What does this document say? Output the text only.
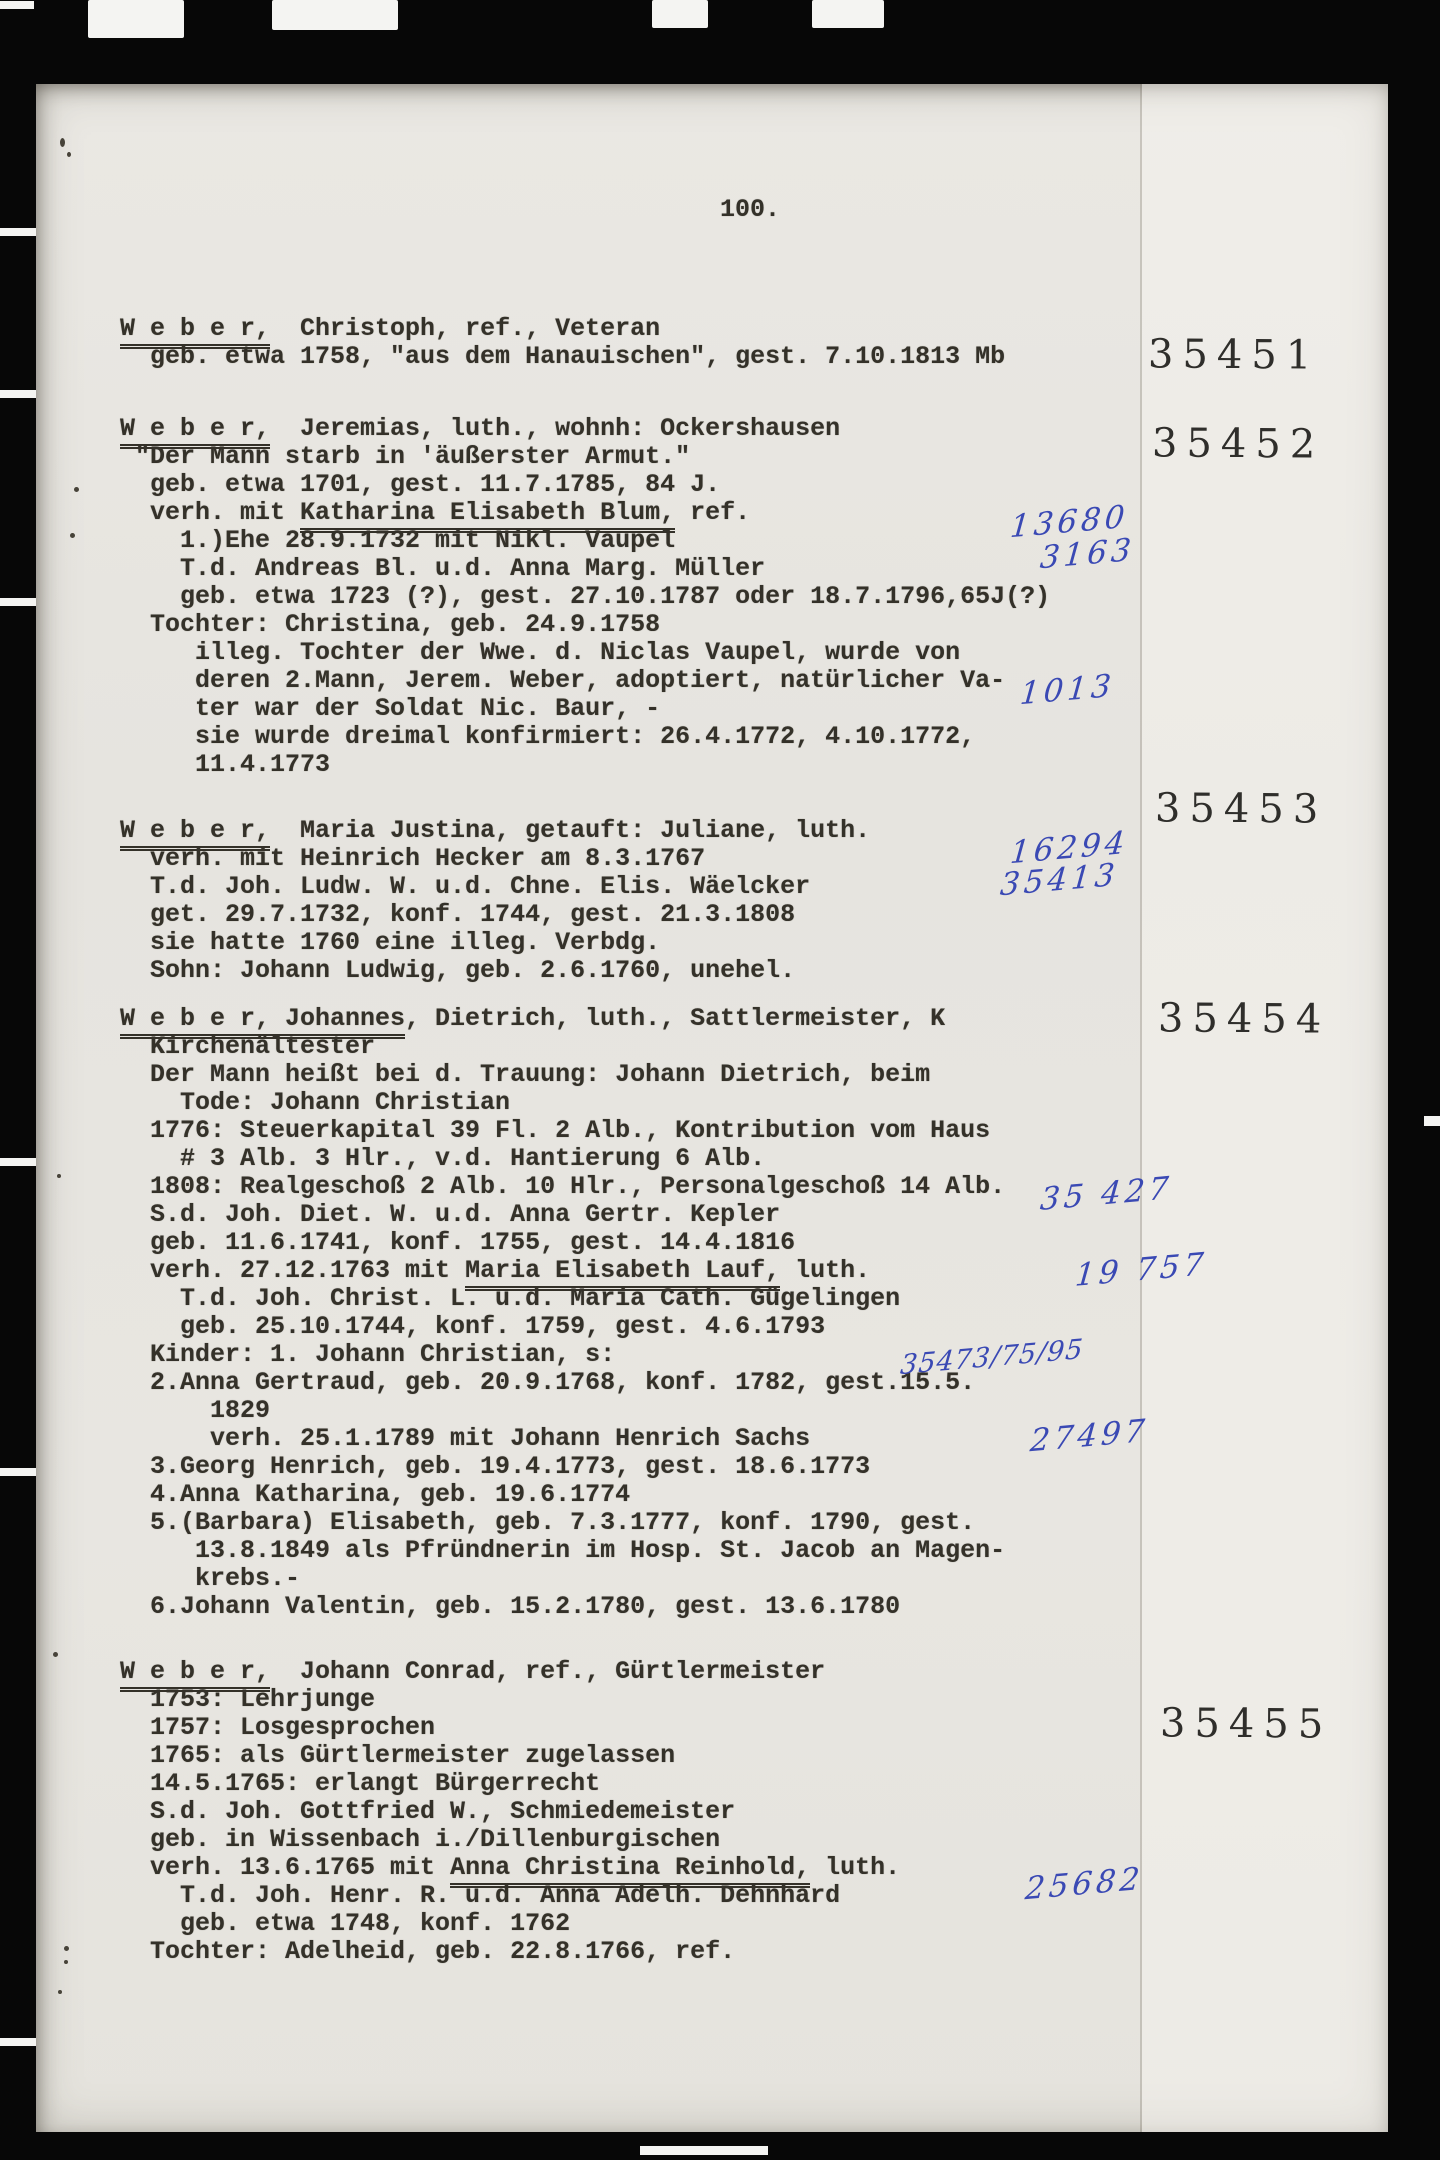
100.
W e b e r,  Christoph, ref., Veteran
geb. etwa 1758, "aus dem Hanauischen", gest. 7.10.1813 Mb
W e b e r,  Jeremias, luth., wohnh: Ockershausen
"Der Mann starb in 'äußerster Armut."
geb. etwa 1701, gest. 11.7.1785, 84 J.
verh. mit Katharina Elisabeth Blum, ref.
1.)Ehe 28.9.1732 mit Nikl. Vaupel
T.d. Andreas Bl. u.d. Anna Marg. Müller
geb. etwa 1723 (?), gest. 27.10.1787 oder 18.7.1796,65J(?)
Tochter: Christina, geb. 24.9.1758
illeg. Tochter der Wwe. d. Niclas Vaupel, wurde von
deren 2.Mann, Jerem. Weber, adoptiert, natürlicher Va-
ter war der Soldat Nic. Baur, -
sie wurde dreimal konfirmiert: 26.4.1772, 4.10.1772,
11.4.1773
W e b e r,  Maria Justina, getauft: Juliane, luth.
verh. mit Heinrich Hecker am 8.3.1767
T.d. Joh. Ludw. W. u.d. Chne. Elis. Wäelcker
get. 29.7.1732, konf. 1744, gest. 21.3.1808
sie hatte 1760 eine illeg. Verbdg.
Sohn: Johann Ludwig, geb. 2.6.1760, unehel.
W e b e r, Johannes, Dietrich, luth., Sattlermeister, K
Kirchenältester
Der Mann heißt bei d. Trauung: Johann Dietrich, beim
Tode: Johann Christian
1776: Steuerkapital 39 Fl. 2 Alb., Kontribution vom Haus
# 3 Alb. 3 Hlr., v.d. Hantierung 6 Alb.
1808: Realgeschoß 2 Alb. 10 Hlr., Personalgeschoß 14 Alb.
S.d. Joh. Diet. W. u.d. Anna Gertr. Kepler
geb. 11.6.1741, konf. 1755, gest. 14.4.1816
verh. 27.12.1763 mit Maria Elisabeth Lauf, luth.
T.d. Joh. Christ. L. u.d. Maria Cath. Gügelingen
geb. 25.10.1744, konf. 1759, gest. 4.6.1793
Kinder: 1. Johann Christian, s:
2.Anna Gertraud, geb. 20.9.1768, konf. 1782, gest.15.5.
1829
verh. 25.1.1789 mit Johann Henrich Sachs
3.Georg Henrich, geb. 19.4.1773, gest. 18.6.1773
4.Anna Katharina, geb. 19.6.1774
5.(Barbara) Elisabeth, geb. 7.3.1777, konf. 1790, gest.
13.8.1849 als Pfründnerin im Hosp. St. Jacob an Magen-
krebs.-
6.Johann Valentin, geb. 15.2.1780, gest. 13.6.1780
W e b e r,  Johann Conrad, ref., Gürtlermeister
1753: Lehrjunge
1757: Losgesprochen
1765: als Gürtlermeister zugelassen
14.5.1765: erlangt Bürgerrecht
S.d. Joh. Gottfried W., Schmiedemeister
geb. in Wissenbach i./Dillenburgischen
verh. 13.6.1765 mit Anna Christina Reinhold, luth.
T.d. Joh. Henr. R. u.d. Anna Adelh. Dehnhard
geb. etwa 1748, konf. 1762
Tochter: Adelheid, geb. 22.8.1766, ref.
35451
35452
35453
35454
35455
13680
3163
1013
16294
35413
35 427
19 757
35473/75/95
27497
25682
